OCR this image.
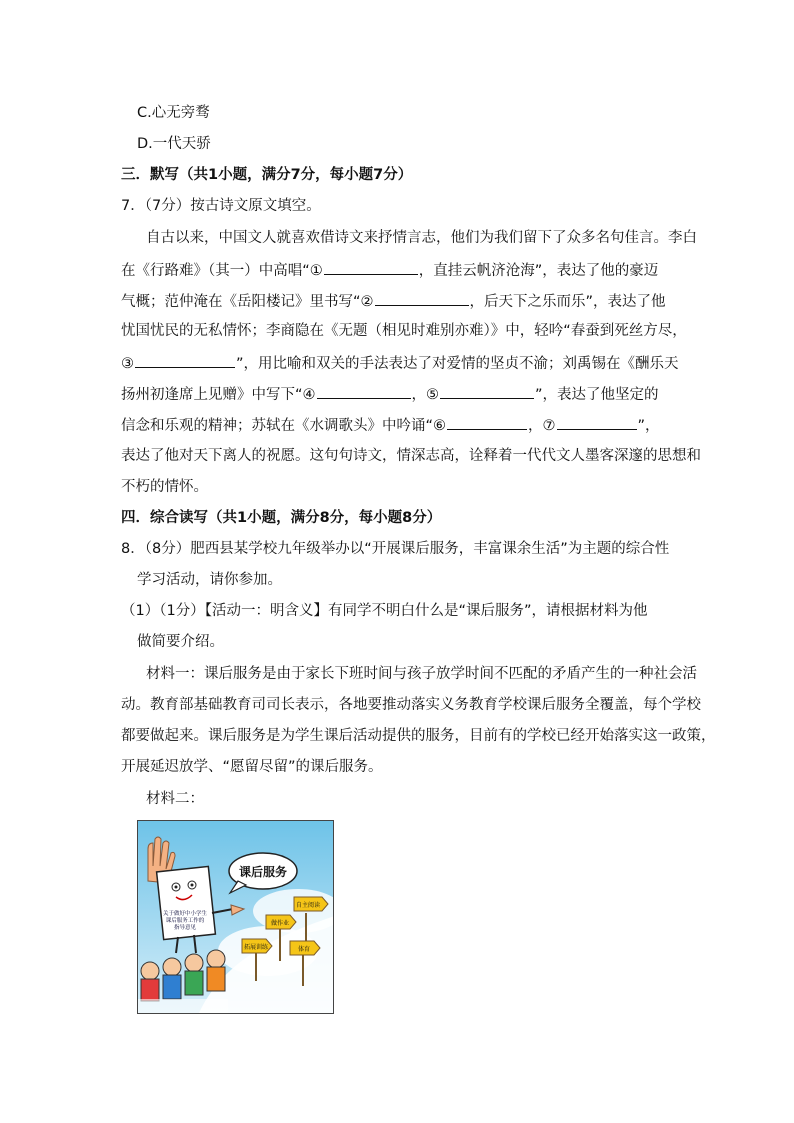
C.心无旁骛
D.一代天骄
三．默写（共1小题，满分7分，每小题7分）
7．（7分）按古诗文原文填空。
自古以来，中国文人就喜欢借诗文来抒情言志，他们为我们留下了众多名句佳言。李白
在《行路难》（其一）中高唱“①	，直挂云帆济沧海”，表达了他的豪迈
气概；范仲淹在《岳阳楼记》里书写“②	，后天下之乐而乐”，表达了他
忧国忧民的无私情怀；李商隐在《无题（相见时难别亦难）》中，轻吟“春蚕到死丝方尽，
③	”，用比喻和双关的手法表达了对爱情的坚贞不渝；刘禹锡在《酬乐天
扬州初逢席上见赠》中写下“④	，⑤	”，表达了他坚定的
信念和乐观的精神；苏轼在《水调歌头》中吟诵“⑥	，⑦	”，
表达了他对天下离人的祝愿。这句句诗文，情深志高，诠释着一代代文人墨客深邃的思想和
不朽的情怀。
四．综合读写（共1小题，满分8分，每小题8分）
8．（8分）肥西县某学校九年级举办以“开展课后服务，丰富课余生活”为主题的综合性
学习活动，请你参加。
（1）（1分）【活动一：明含义】有同学不明白什么是“课后服务”，请根据材料为他
做简要介绍。
材料一：课后服务是由于家长下班时间与孩子放学时间不匹配的矛盾产生的一种社会活
动。教育部基础教育司司长表示，各地要推动落实义务教育学校课后服务全覆盖，每个学校
都要做起来。课后服务是为学生课后活动提供的服务，目前有的学校已经开始落实这一政策，
开展延迟放学、“愿留尽留”的课后服务。
材料二：
关于做好中小学生
课后服务工作的
指导意见
课后服务
自主阅读
做作业
拓展训练	体育
